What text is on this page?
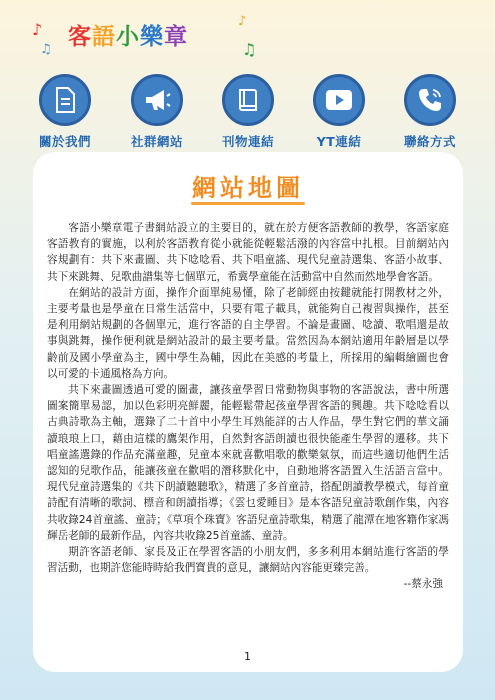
♪
♫
♪
♫
客語小樂章
關於我們	社群網站	刊物連結	YT連結	聯絡方式
網站地圖

客語小樂章電子書網站設立的主要目的，就在於方便客語教師的教學，客語家庭客語教育的實施，以利於客語教育從小就能從輕鬆活潑的內容當中扎根。目前網站內容規劃有：共下來畫圖、共下唸唸看、共下唱童謠、現代兒童詩選集、客語小故事、共下來跳舞、兒歌曲譜集等七個單元，希冀學童能在活動當中自然而然地學會客語。

在網站的設計方面，操作介面單純易懂，除了老師經由按鍵就能打開教材之外，主要考量也是學童在日常生活當中，只要有電子載具，就能夠自己複習與操作，甚至是利用網站規劃的各個單元，進行客語的自主學習。不論是畫圖、唸讀、歌唱還是故事與跳舞，操作便利就是網站設計的最主要考量。當然因為本網站適用年齡層是以學齡前及國小學童為主，國中學生為輔，因此在美感的考量上，所採用的編輯繪圖也會以可愛的卡通風格為方向。

共下來畫圖透過可愛的圖畫，讓孩童學習日常動物與事物的客語說法，書中所選圖案簡單易認，加以色彩明亮鮮麗，能輕鬆帶起孩童學習客語的興趣。共下唸唸看以古典詩歌為主軸，選錄了二十首中小學生耳熟能詳的古人作品，學生對它們的華文誦讀琅琅上口，藉由這樣的鷹架作用，自然對客語朗讀也很快能產生學習的遷移。共下唱童謠選錄的作品充滿童趣，兒童本來就喜歡唱歌的歡樂氣氛，而這些適切他們生活認知的兒歌作品，能讓孩童在歡唱的潛移默化中，自動地將客語置入生活語言當中。現代兒童詩選集的《共下朗讀聽聽歌》，精選了多首童詩，搭配朗讀教學模式，每首童詩配有清晰的歌詞、標音和朗讀指導；《雲乜愛睡目》是本客語兒童詩歌創作集，內容共收錄24首童謠、童詩；《草項个珠寶》客語兒童詩歌集，精選了龍潭在地客籍作家馮輝岳老師的最新作品，內容共收錄25首童謠、童詩。

期許客語老師、家長及正在學習客語的小朋友們，多多利用本網站進行客語的學習活動，也期許您能時時給我們寶貴的意見，讓網站內容能更臻完善。

--蔡永強
1
